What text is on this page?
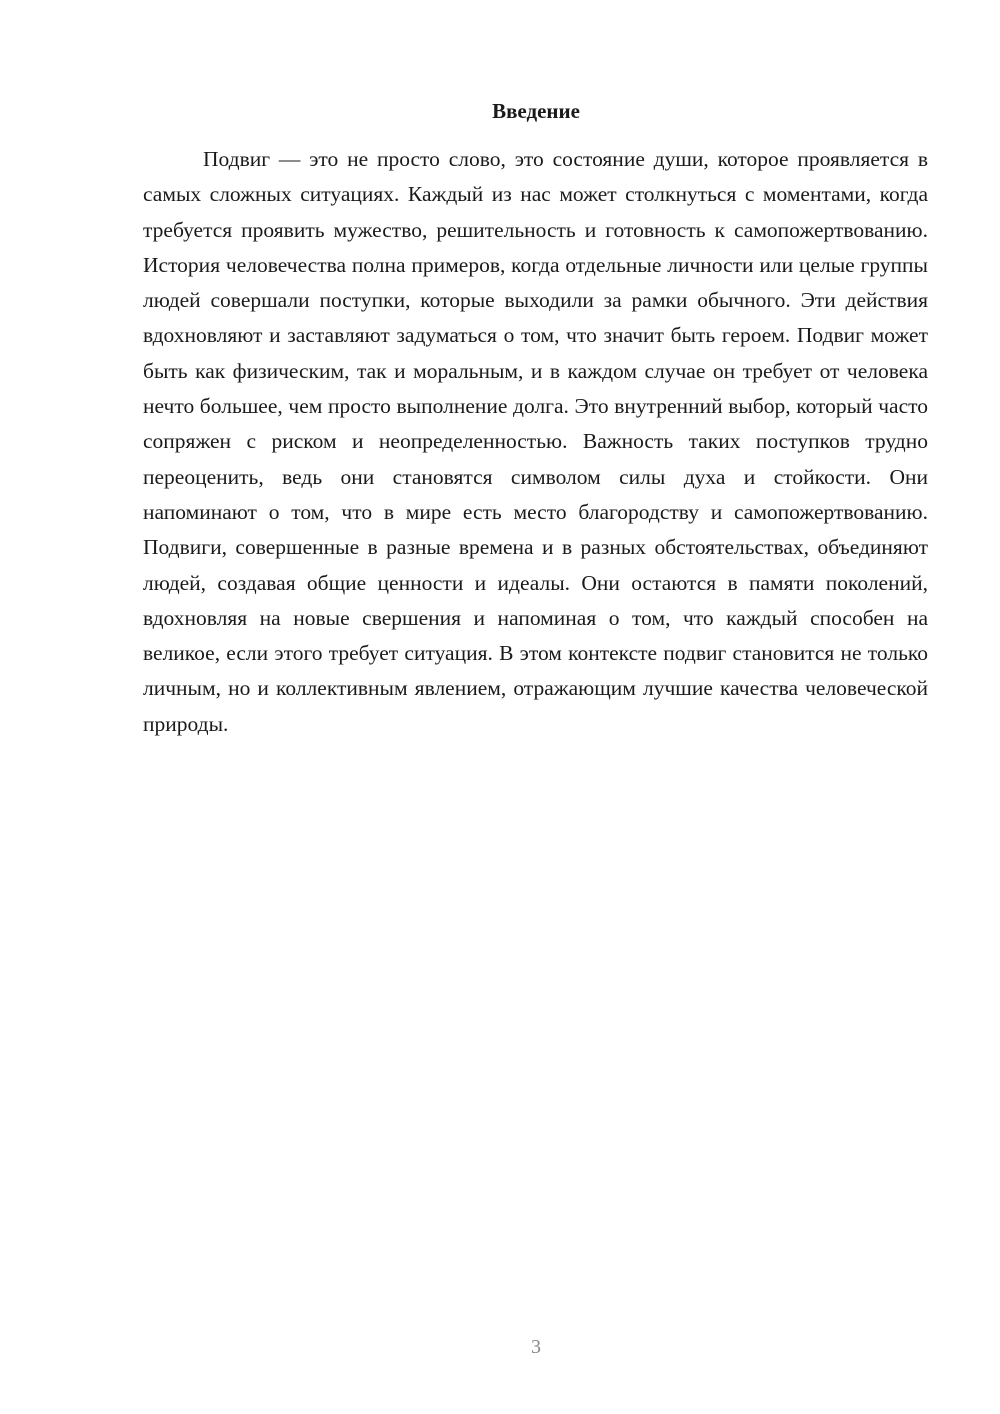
Введение

Подвиг — это не просто слово, это состояние души, которое проявляется в самых сложных ситуациях. Каждый из нас может столкнуться с моментами, когда требуется проявить мужество, решительность и готовность к самопожертвованию. История человечества полна примеров, когда отдельные личности или целые группы людей совершали поступки, которые выходили за рамки обычного. Эти действия вдохновляют и заставляют задуматься о том, что значит быть героем. Подвиг может быть как физическим, так и моральным, и в каждом случае он требует от человека нечто большее, чем просто выполнение долга. Это внутренний выбор, который часто сопряжен с риском и неопределенностью. Важность таких поступков трудно переоценить, ведь они становятся символом силы духа и стойкости. Они напоминают о том, что в мире есть место благородству и самопожертвованию. Подвиги, совершенные в разные времена и в разных обстоятельствах, объединяют людей, создавая общие ценности и идеалы. Они остаются в памяти поколений, вдохновляя на новые свершения и напоминая о том, что каждый способен на великое, если этого требует ситуация. В этом контексте подвиг становится не только личным, но и коллективным явлением, отражающим лучшие качества человеческой природы.

3
